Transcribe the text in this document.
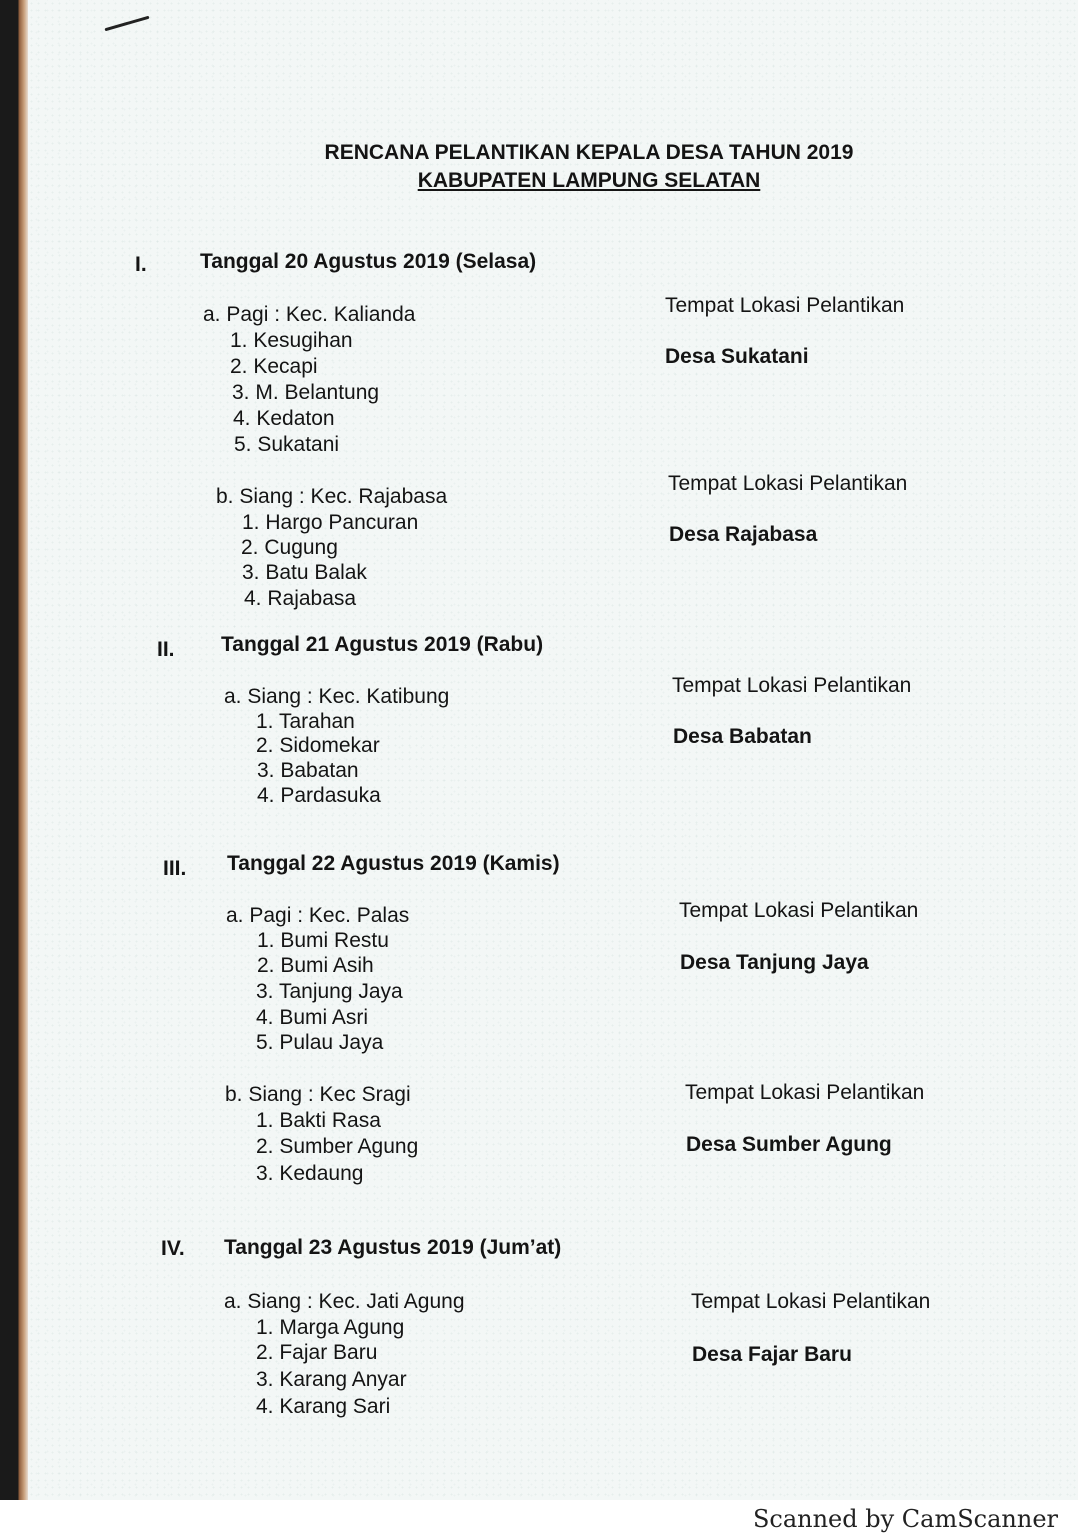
RENCANA PELANTIKAN KEPALA DESA TAHUN 2019
KABUPATEN LAMPUNG SELATAN
I.	Tanggal 20 Agustus 2019 (Selasa)
a. Pagi : Kec. Kalianda
1. Kesugihan
2. Kecapi
3. M. Belantung
4. Kedaton
5. Sukatani
Tempat Lokasi Pelantikan
Desa Sukatani
b. Siang : Kec. Rajabasa
1. Hargo Pancuran
2. Cugung
3. Batu Balak
4. Rajabasa
Tempat Lokasi Pelantikan
Desa Rajabasa
II. Tanggal 21 Agustus 2019 (Rabu)
a. Siang : Kec. Katibung
1. Tarahan
2. Sidomekar
3. Babatan
4. Pardasuka
Tempat Lokasi Pelantikan
Desa Babatan
III. Tanggal 22 Agustus 2019 (Kamis)
a. Pagi : Kec. Palas
1. Bumi Restu
2. Bumi Asih
3. Tanjung Jaya
4. Bumi Asri
5. Pulau Jaya
Tempat Lokasi Pelantikan
Desa Tanjung Jaya
b. Siang : Kec Sragi
1. Bakti Rasa
2. Sumber Agung
3. Kedaung
Tempat Lokasi Pelantikan
Desa Sumber Agung
IV. Tanggal 23 Agustus 2019 (Jum’at)
a. Siang : Kec. Jati Agung
1. Marga Agung
2. Fajar Baru
3. Karang Anyar
4. Karang Sari
Tempat Lokasi Pelantikan
Desa Fajar Baru
Scanned by CamScanner
